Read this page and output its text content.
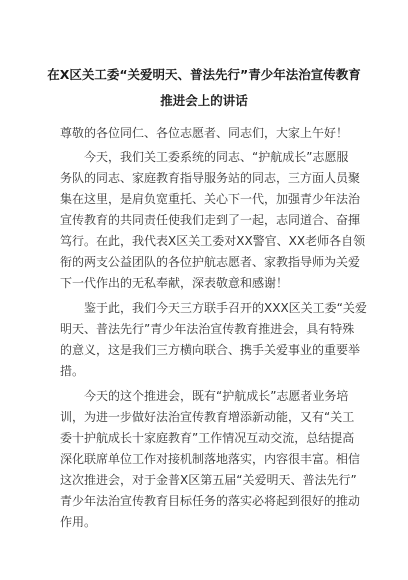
在X区关工委“关爱明天、普法先行”青少年法治宣传教育
推进会上的讲话
尊敬的各位同仁、各位志愿者、同志们，大家上午好！
今天，我们关工委系统的同志、“护航成长”志愿服
务队的同志、家庭教育指导服务站的同志，三方面人员聚
集在这里，是肩负宽重托、关心下一代，加强青少年法治
宣传教育的共同责任使我们走到了一起，志同道合、奋揮
笃行。在此，我代表X区关工委对XX警官、XX老师各自领
衔的两支公益团队的各位护航志愿者、家教指导师为关爱
下一代作出的无私奉献，深表敬意和感谢！
鉴于此，我们今天三方联手召开的XXX区关工委“关爱
明天、普法先行”青少年法治宣传教育推进会，具有特殊
的意义，这是我们三方横向联合、携手关爱事业的重要举
措。
今天的这个推进会，既有“护航成长”志愿者业务培
训，为进一步做好法治宣传教育增添新动能，又有“关工
委十护航成长十家庭教育”工作情况互动交流，总结提高
深化联席单位工作对接机制落地落实，内容很丰富。相信
这次推进会，对于金普X区第五届“关爱明天、普法先行”
青少年法治宣传教育目标任务的落实必将起到很好的推动
作用。
